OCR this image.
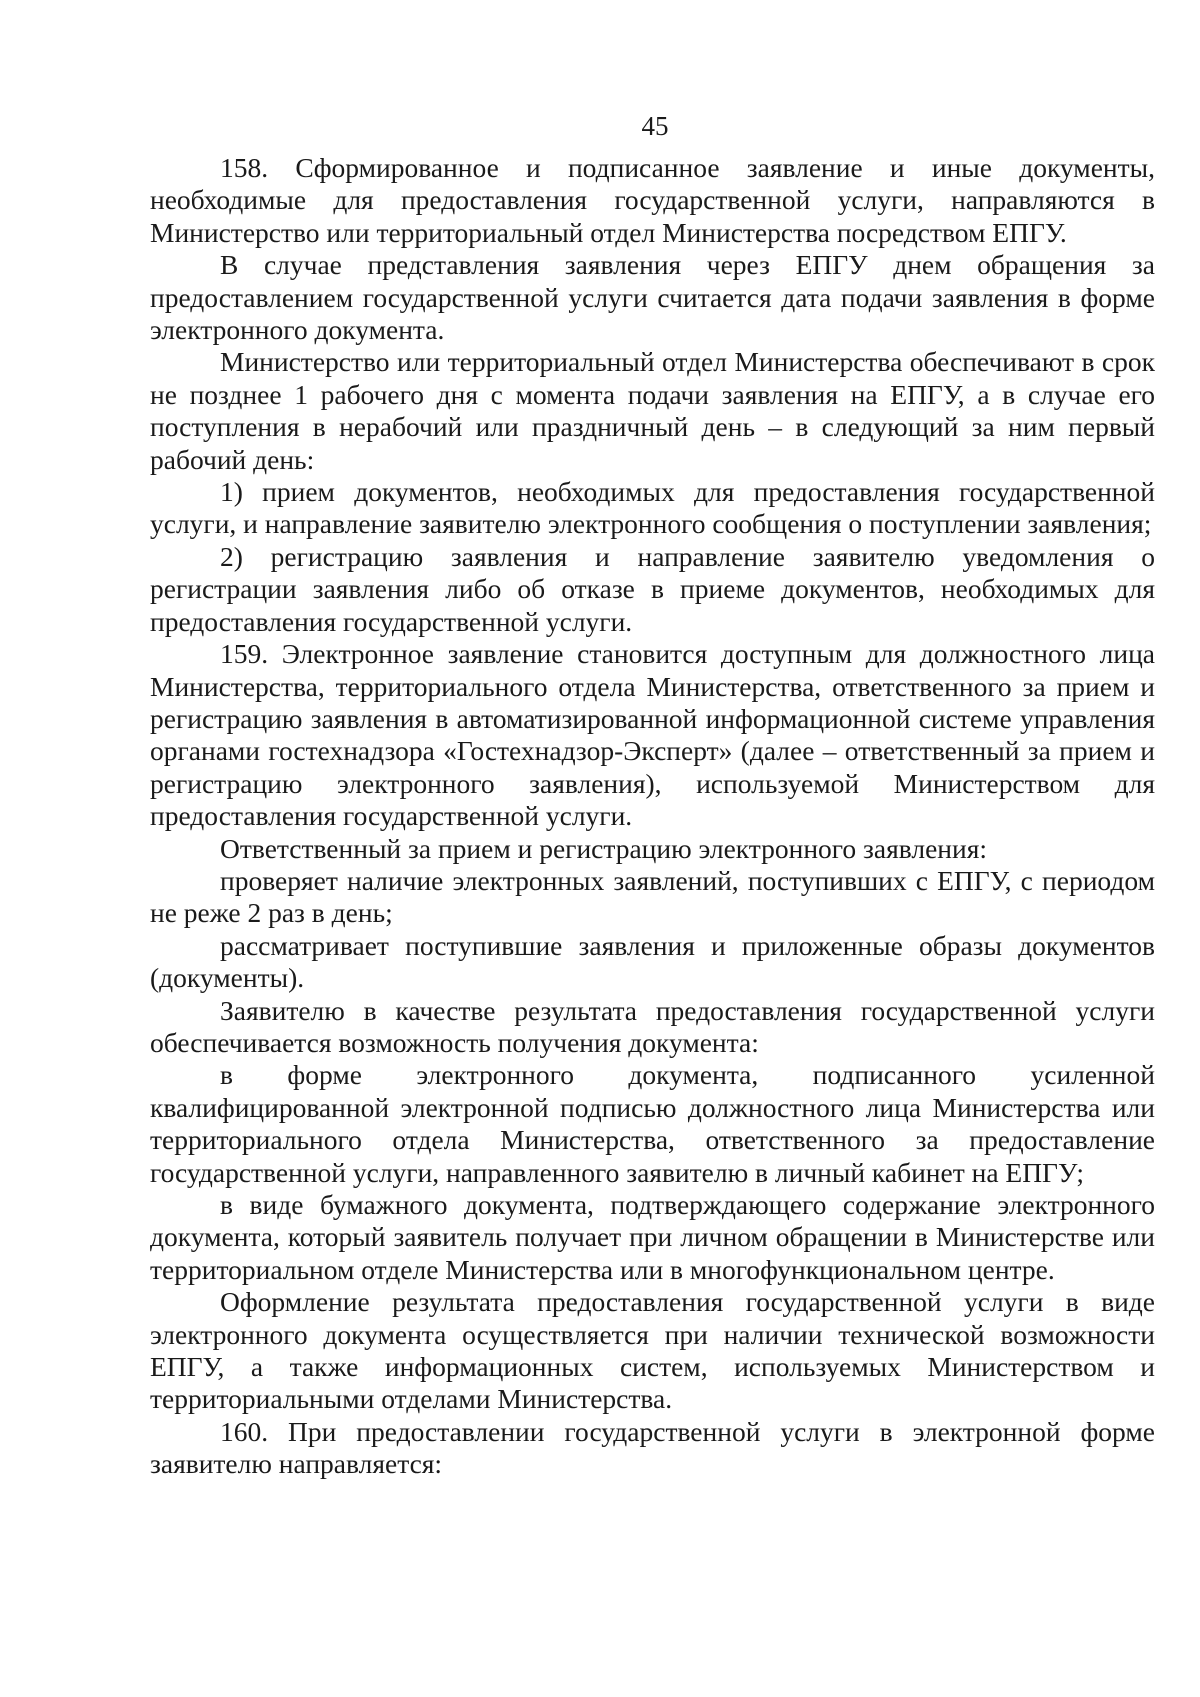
45

158. Сформированное и подписанное заявление и иные документы, необходимые для предоставления государственной услуги, направляются в Министерство или территориальный отдел Министерства посредством ЕПГУ.

В случае представления заявления через ЕПГУ днем обращения за предоставлением государственной услуги считается дата подачи заявления в форме электронного документа.

Министерство или территориальный отдел Министерства обеспечивают в срок не позднее 1 рабочего дня с момента подачи заявления на ЕПГУ, а в случае его поступления в нерабочий или праздничный день – в следующий за ним первый рабочий день:

1) прием документов, необходимых для предоставления государственной услуги, и направление заявителю электронного сообщения о поступлении заявления;

2) регистрацию заявления и направление заявителю уведомления о регистрации заявления либо об отказе в приеме документов, необходимых для предоставления государственной услуги.

159. Электронное заявление становится доступным для должностного лица Министерства, территориального отдела Министерства, ответственного за прием и регистрацию заявления в автоматизированной информационной системе управления органами гостехнадзора «Гостехнадзор-Эксперт» (далее – ответственный за прием и регистрацию электронного заявления), используемой Министерством для предоставления государственной услуги.

Ответственный за прием и регистрацию электронного заявления:

проверяет наличие электронных заявлений, поступивших с ЕПГУ, с периодом не реже 2 раз в день;

рассматривает поступившие заявления и приложенные образы документов (документы).

Заявителю в качестве результата предоставления государственной услуги обеспечивается возможность получения документа:

в форме электронного документа, подписанного усиленной квалифицированной электронной подписью должностного лица Министерства или территориального отдела Министерства, ответственного за предоставление государственной услуги, направленного заявителю в личный кабинет на ЕПГУ;

в виде бумажного документа, подтверждающего содержание электронного документа, который заявитель получает при личном обращении в Министерстве или территориальном отделе Министерства или в многофункциональном центре.

Оформление результата предоставления государственной услуги в виде электронного документа осуществляется при наличии технической возможности ЕПГУ, а также информационных систем, используемых Министерством и территориальными отделами Министерства.

160. При предоставлении государственной услуги в электронной форме заявителю направляется:
